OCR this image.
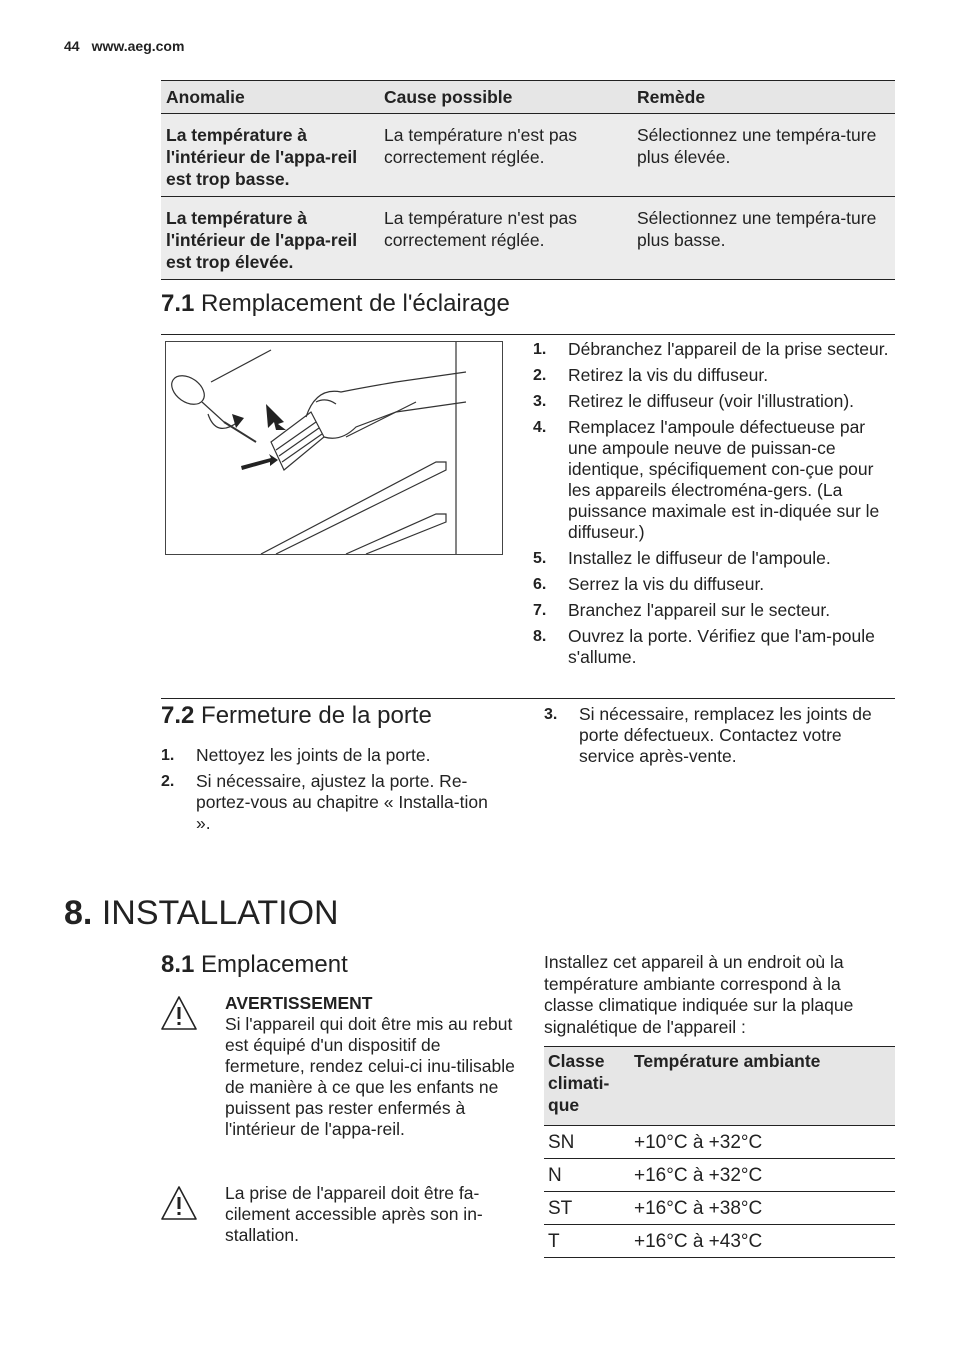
44 www.aeg.com
Anomalie	Cause possible	Remède
La température à l'intérieur de l'appa-reil est trop basse.	La température n'est pas correctement réglée.	Sélectionnez une tempéra-ture plus élevée.
La température à l'intérieur de l'appa-reil est trop élevée.	La température n'est pas correctement réglée.	Sélectionnez une tempéra-ture plus basse.
7.1 Remplacement de l'éclairage
1. Débranchez l'appareil de la prise secteur.
2. Retirez la vis du diffuseur.
3. Retirez le diffuseur (voir l'illustration).
4. Remplacez l'ampoule défectueuse par une ampoule neuve de puissan-ce identique, spécifiquement con-çue pour les appareils électroména-gers. (La puissance maximale est in-diquée sur le diffuseur.)
5. Installez le diffuseur de l'ampoule.
6. Serrez la vis du diffuseur.
7. Branchez l'appareil sur le secteur.
8. Ouvrez la porte. Vérifiez que l'am-poule s'allume.
7.2 Fermeture de la porte
1. Nettoyez les joints de la porte.
2. Si nécessaire, ajustez la porte. Re-portez-vous au chapitre « Installa-tion ».
3. Si nécessaire, remplacez les joints de porte défectueux. Contactez votre service après-vente.
8. INSTALLATION
8.1 Emplacement
AVERTISSEMENT
Si l'appareil qui doit être mis au rebut est équipé d'un dispositif de fermeture, rendez celui-ci inu-tilisable de manière à ce que les enfants ne puissent pas rester enfermés à l'intérieur de l'appa-reil.
La prise de l'appareil doit être fa-cilement accessible après son in-stallation.
Installez cet appareil à un endroit où la température ambiante correspond à la classe climatique indiquée sur la plaque signalétique de l'appareil :
Classe climati-que	Température ambiante
SN	+10°C à +32°C
N	+16°C à +32°C
ST	+16°C à +38°C
T	+16°C à +43°C
